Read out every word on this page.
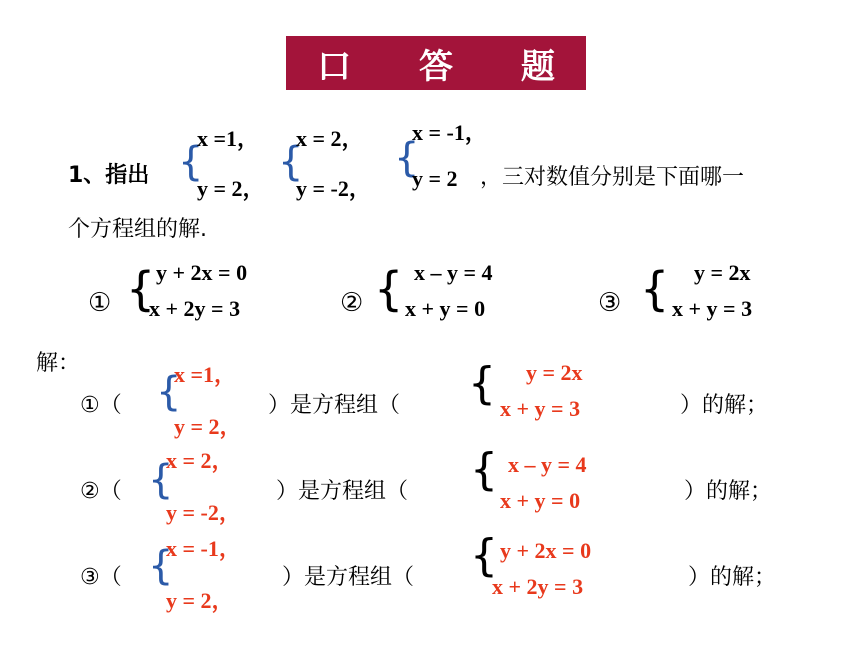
口 答 题
1、指出 {
x =1，
y = 2，
{
x = 2，
y = -2，
{
x = -1，
y = 2 ，三对数值分别是下面哪一
个方程组的解.
① { y + 2x = 0
x + 2y = 3	② { x – y = 4
x + y = 0	③ { y = 2x
x + y = 3
解：
①（ {
x =1，
y = 2，
）是方程组（ { y = 2x
x + y = 3	）的解；
②（ {
x = 2，
y = -2，
）是方程组（ { x – y = 4
x + y = 0	）的解；
③（ {
x = -1，
y = 2，
）是方程组（ { y + 2x = 0
x + 2y = 3	）的解；
